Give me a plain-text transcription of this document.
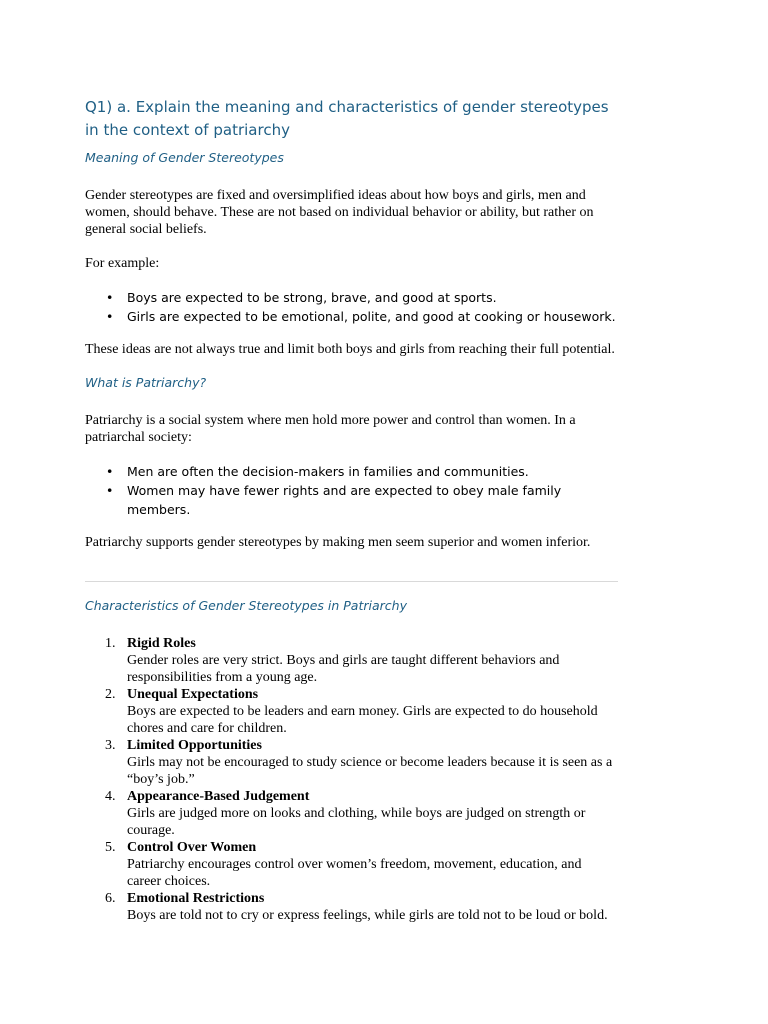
Q1) a. Explain the meaning and characteristics of gender stereotypes in the context of patriarchy

Meaning of Gender Stereotypes

Gender stereotypes are fixed and oversimplified ideas about how boys and girls, men and women, should behave. These are not based on individual behavior or ability, but rather on general social beliefs.

For example:

• Boys are expected to be strong, brave, and good at sports.
• Girls are expected to be emotional, polite, and good at cooking or housework.

These ideas are not always true and limit both boys and girls from reaching their full potential.

What is Patriarchy?

Patriarchy is a social system where men hold more power and control than women. In a patriarchal society:

• Men are often the decision-makers in families and communities.
• Women may have fewer rights and are expected to obey male family members.

Patriarchy supports gender stereotypes by making men seem superior and women inferior.

Characteristics of Gender Stereotypes in Patriarchy

1. Rigid Roles
Gender roles are very strict. Boys and girls are taught different behaviors and responsibilities from a young age.
2. Unequal Expectations
Boys are expected to be leaders and earn money. Girls are expected to do household chores and care for children.
3. Limited Opportunities
Girls may not be encouraged to study science or become leaders because it is seen as a “boy’s job.”
4. Appearance-Based Judgement
Girls are judged more on looks and clothing, while boys are judged on strength or courage.
5. Control Over Women
Patriarchy encourages control over women’s freedom, movement, education, and career choices.
6. Emotional Restrictions
Boys are told not to cry or express feelings, while girls are told not to be loud or bold.
